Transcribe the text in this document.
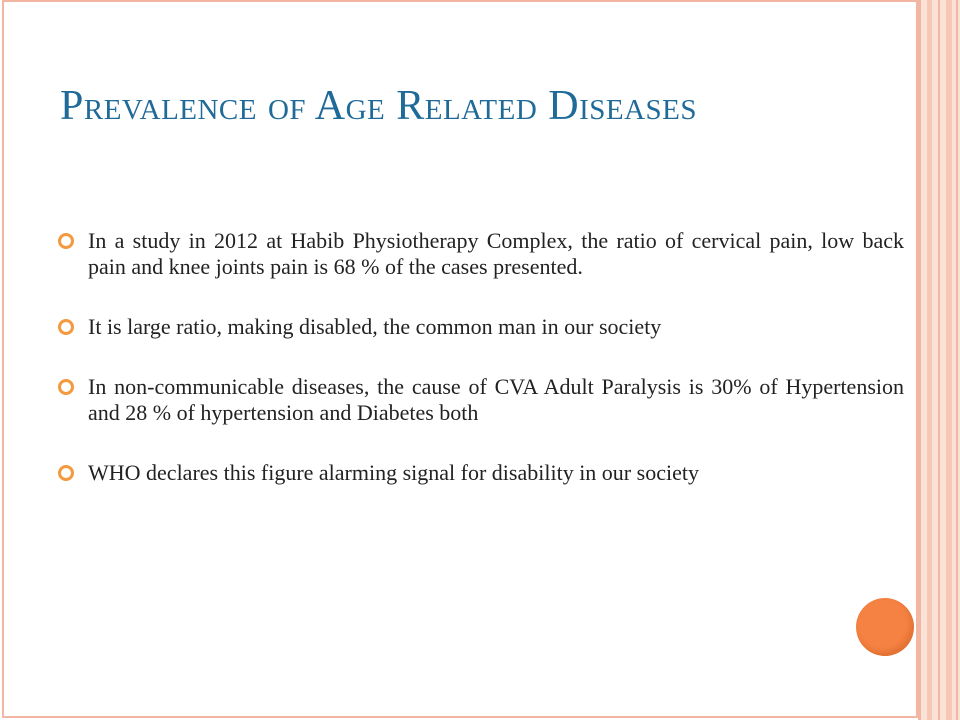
Prevalence of Age Related Diseases
In a study in 2012 at Habib Physiotherapy Complex, the ratio of cervical pain, low back pain and knee joints pain is 68 % of the cases presented.
It is large ratio, making disabled, the common man in our society
In non-communicable diseases, the cause of CVA Adult Paralysis is 30% of Hypertension and 28 % of hypertension and Diabetes both
WHO declares this figure alarming signal for disability in our society
